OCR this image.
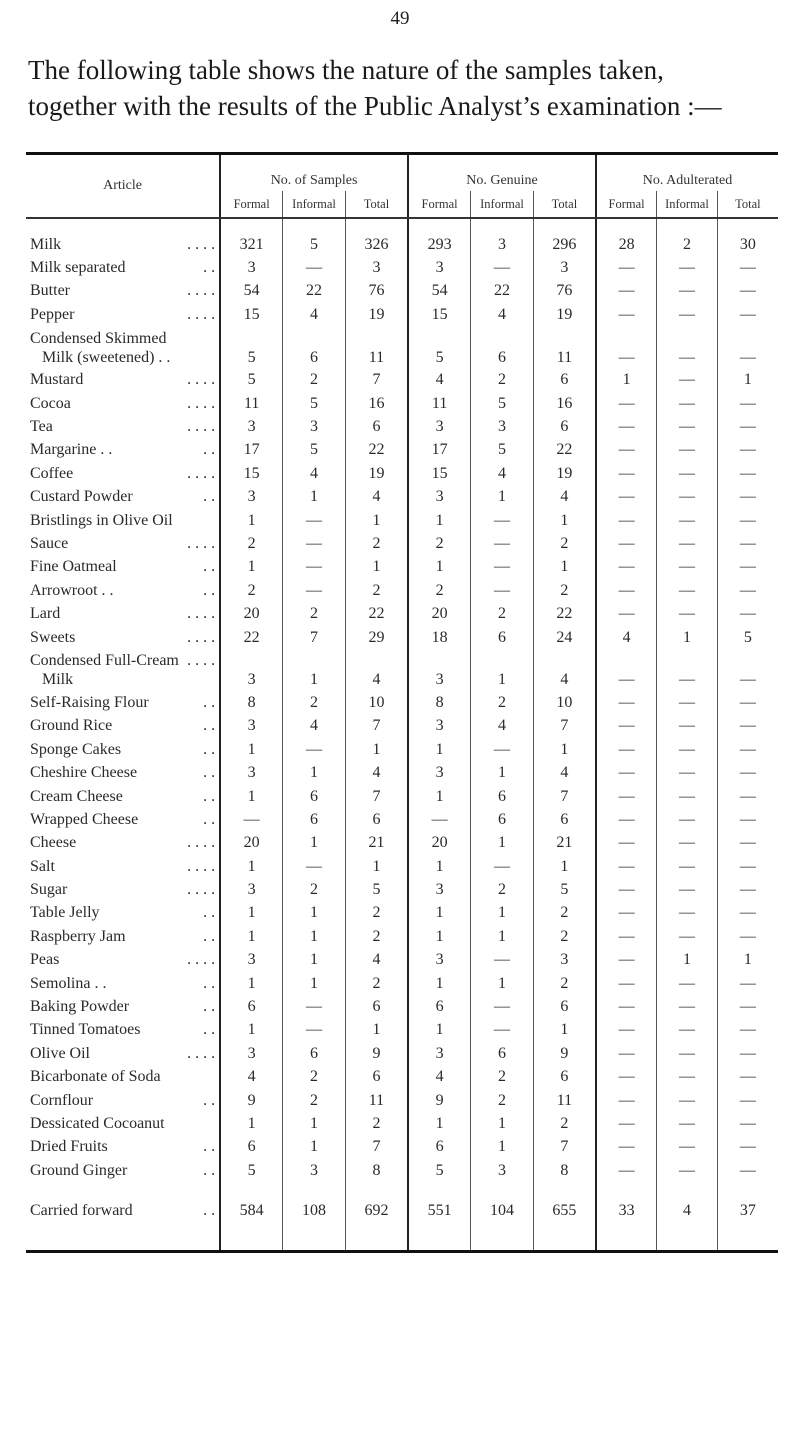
49
The following table shows the nature of the samples taken, together with the results of the Public Analyst’s examination :—

Article	No. of Samples			No. Genuine			No. Adulterated		
	Formal	Informal	Total	Formal	Informal	Total	Formal	Informal	Total

. . . .
Milk	321	5	326	293	3	296	28	2	30

. .
Milk separated	3	—	3	3	—	3	—	—	—

. . . .
Butter	54	22	76	54	22	76	—	—	—

. . . .
Pepper	15	4	19	15	4	19	—	—	—

Condensed Skimmed
Milk (sweetened) . .	5	6	11	5	6	11	—	—	—

. . . .
Mustard	5	2	7	4	2	6	1	—	1

. . . .
Cocoa	11	5	16	11	5	16	—	—	—

. . . .
Tea	3	3	6	3	3	6	—	—	—

. .
Margarine . .	17	5	22	17	5	22	—	—	—

. . . .
Coffee	15	4	19	15	4	19	—	—	—

. .
Custard Powder	3	1	4	3	1	4	—	—	—

Bristlings in Olive Oil	1	—	1	1	—	1	—	—	—

. . . .
Sauce	2	—	2	2	—	2	—	—	—

. .
Fine Oatmeal	1	—	1	1	—	1	—	—	—

. .
Arrowroot . .	2	—	2	2	—	2	—	—	—

. . . .
Lard	20	2	22	20	2	22	—	—	—

. . . .
Sweets	22	7	29	18	6	24	4	1	5

. . . .
Condensed Full-Cream
Milk	3	1	4	3	1	4	—	—	—

. .
Self-Raising Flour	8	2	10	8	2	10	—	—	—

. .
Ground Rice	3	4	7	3	4	7	—	—	—

. .
Sponge Cakes	1	—	1	1	—	1	—	—	—

. .
Cheshire Cheese	3	1	4	3	1	4	—	—	—

. .
Cream Cheese	1	6	7	1	6	7	—	—	—

. .
Wrapped Cheese	—	6	6	—	6	6	—	—	—

. . . .
Cheese	20	1	21	20	1	21	—	—	—

. . . .
Salt	1	—	1	1	—	1	—	—	—

. . . .
Sugar	3	2	5	3	2	5	—	—	—

. .
Table Jelly	1	1	2	1	1	2	—	—	—

. .
Raspberry Jam	1	1	2	1	1	2	—	—	—

. . . .
Peas	3	1	4	3	—	3	—	1	1

. .
Semolina . .	1	1	2	1	1	2	—	—	—

. .
Baking Powder	6	—	6	6	—	6	—	—	—

. .
Tinned Tomatoes	1	—	1	1	—	1	—	—	—

. . . .
Olive Oil	3	6	9	3	6	9	—	—	—

Bicarbonate of Soda	4	2	6	4	2	6	—	—	—

. .
Cornflour	9	2	11	9	2	11	—	—	—

Dessicated Cocoanut	1	1	2	1	1	2	—	—	—

. .
Dried Fruits	6	1	7	6	1	7	—	—	—

. .
Ground Ginger	5	3	8	5	3	8	—	—	—

. .
Carried forward	584	108	692	551	104	655	33	4	37
